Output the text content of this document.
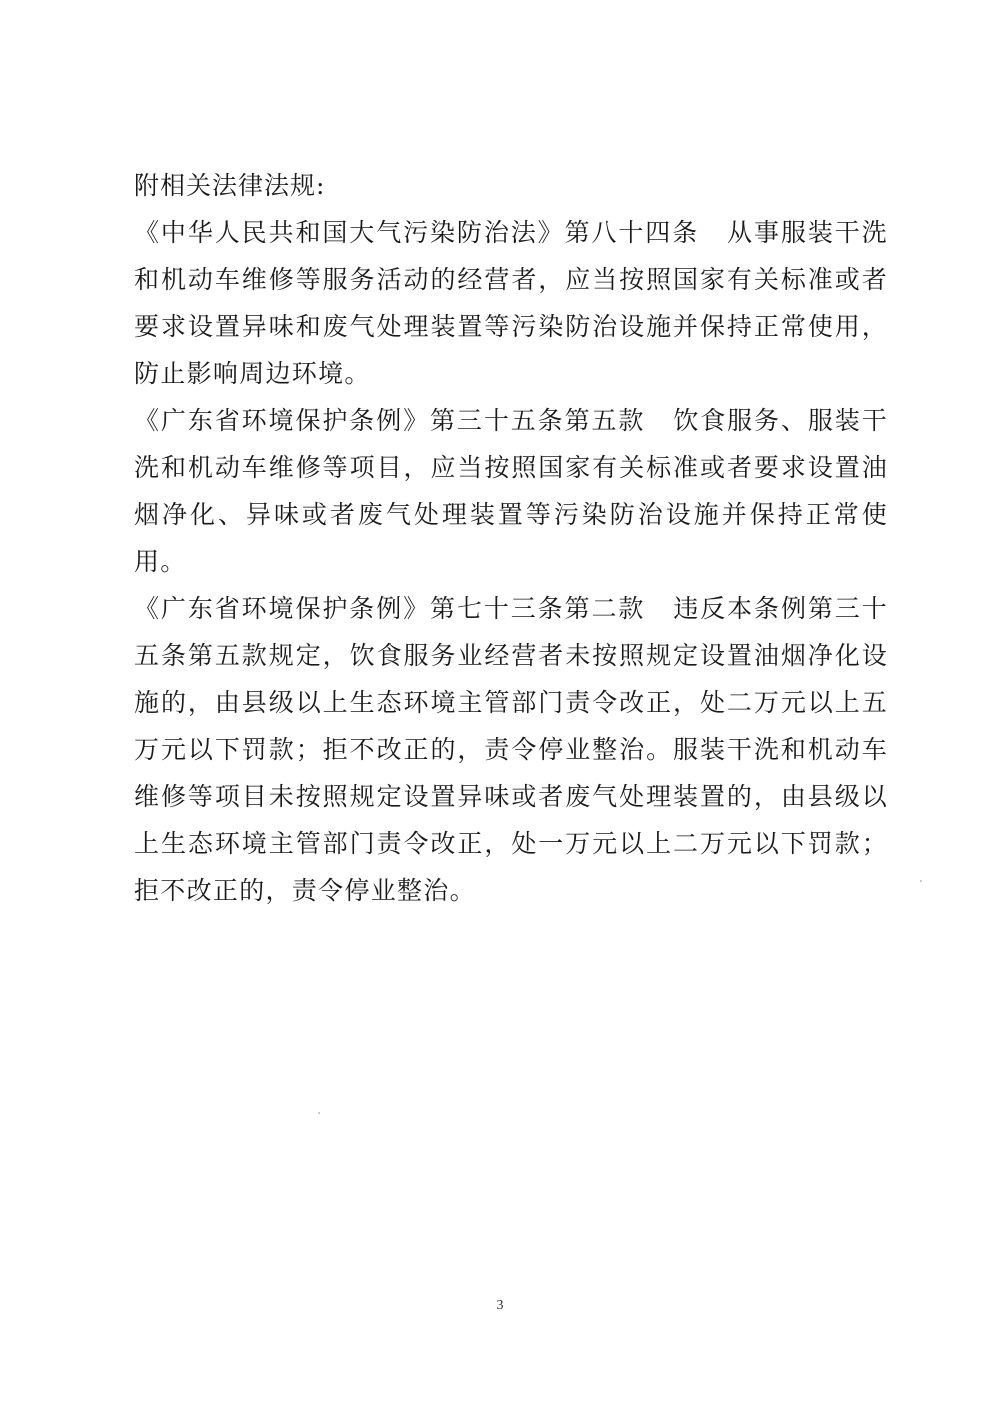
附相关法律法规:

《中华人民共和国大气污染防治法》第八十四条 从事服装干洗和机动车维修等服务活动的经营者，应当按照国家有关标准或者要求设置异味和废气处理装置等污染防治设施并保持正常使用，防止影响周边环境。

《广东省环境保护条例》第三十五条第五款 饮食服务、服装干洗和机动车维修等项目，应当按照国家有关标准或者要求设置油烟净化、异味或者废气处理装置等污染防治设施并保持正常使用。

《广东省环境保护条例》第七十三条第二款 违反本条例第三十五条第五款规定，饮食服务业经营者未按照规定设置油烟净化设施的，由县级以上生态环境主管部门责令改正，处二万元以上五万元以下罚款；拒不改正的，责令停业整治。服装干洗和机动车维修等项目未按照规定设置异味或者废气处理装置的，由县级以上生态环境主管部门责令改正，处一万元以上二万元以下罚款；拒不改正的，责令停业整治。

3
